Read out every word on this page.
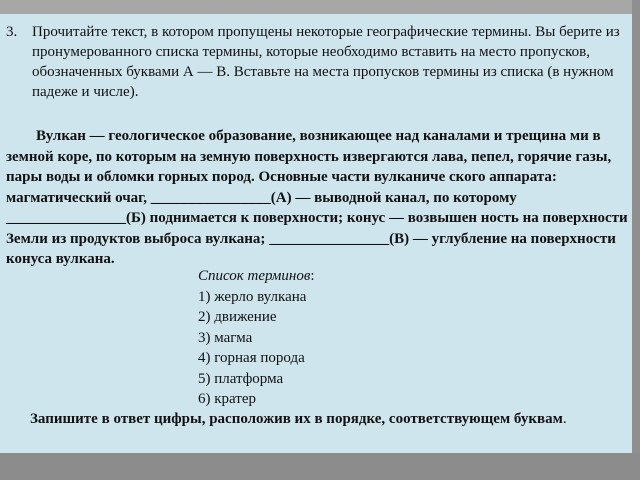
3. Прочитайте текст, в котором пропущены некоторые географические термины. Вы берите из пронумерованного списка термины, которые необходимо вставить на место пропусков, обозначенных буквами А — В. Вставьте на места пропусков термины из списка (в нужном падеже и числе).
Вулкан — геологическое образование, возникающее над каналами и трещина ми в земной коре, по которым на земную поверхность извергаются лава, пепел, горячие газы, пары воды и обломки горных пород. Основные части вулканиче ского аппарата: магматический очаг, ________________(А) — выводной канал, по которому ________________(Б) поднимается к поверхности; конус — возвышен ность на поверхности Земли из продуктов выброса вулкана; ________________(В) — углубление на поверхности конуса вулкана.
Список терминов:
1) жерло вулкана
2) движение
3) магма
4) горная порода
5) платформа
6) кратер
Запишите в ответ цифры, расположив их в порядке, соответствующем буквам.
